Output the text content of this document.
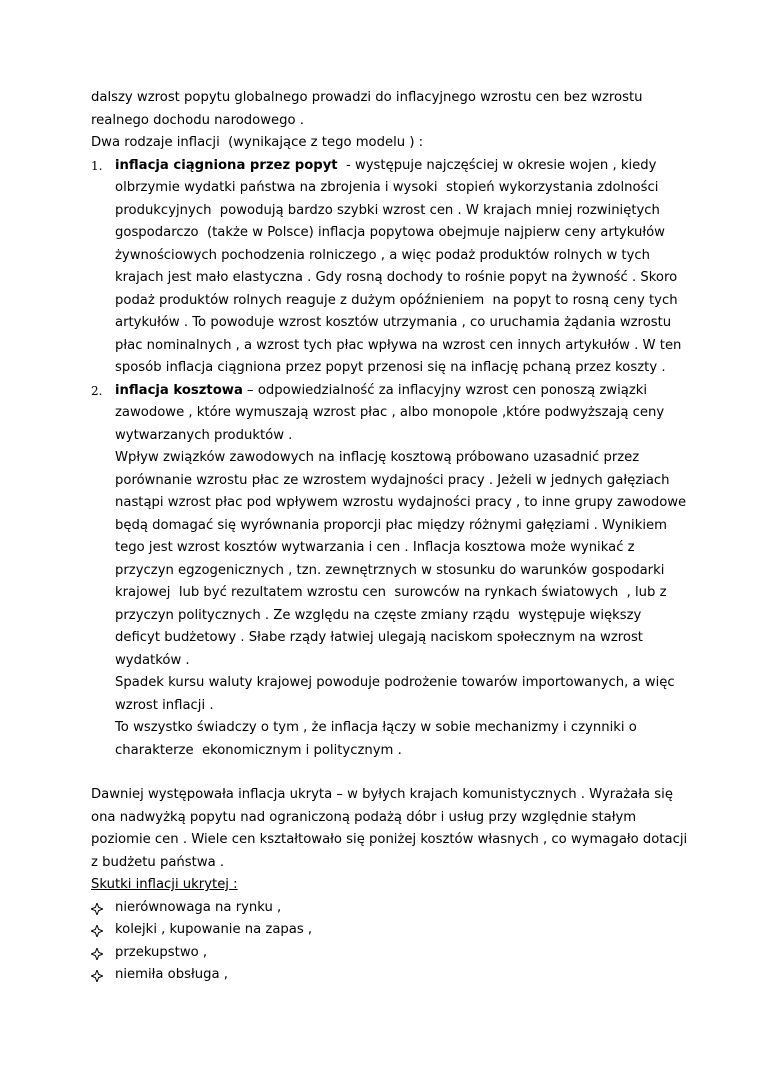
dalszy wzrost popytu globalnego prowadzi do inflacyjnego wzrostu cen bez wzrostu
realnego dochodu narodowego .
Dwa rodzaje inflacji  (wynikające z tego modelu ) :
1. inflacja ciągniona przez popyt  - występuje najczęściej w okresie wojen , kiedy
olbrzymie wydatki państwa na zbrojenia i wysoki  stopień wykorzystania zdolności
produkcyjnych  powodują bardzo szybki wzrost cen . W krajach mniej rozwiniętych
gospodarczo  (także w Polsce) inflacja popytowa obejmuje najpierw ceny artykułów
żywnościowych pochodzenia rolniczego , a więc podaż produktów rolnych w tych
krajach jest mało elastyczna . Gdy rosną dochody to rośnie popyt na żywność . Skoro
podaż produktów rolnych reaguje z dużym opóźnieniem  na popyt to rosną ceny tych
artykułów . To powoduje wzrost kosztów utrzymania , co uruchamia żądania wzrostu
płac nominalnych , a wzrost tych płac wpływa na wzrost cen innych artykułów . W ten
sposób inflacja ciągniona przez popyt przenosi się na inflację pchaną przez koszty .
2. inflacja kosztowa – odpowiedzialność za inflacyjny wzrost cen ponoszą związki
zawodowe , które wymuszają wzrost płac , albo monopole ,które podwyższają ceny
wytwarzanych produktów .
Wpływ związków zawodowych na inflację kosztową próbowano uzasadnić przez
porównanie wzrostu płac ze wzrostem wydajności pracy . Jeżeli w jednych gałęziach
nastąpi wzrost płac pod wpływem wzrostu wydajności pracy , to inne grupy zawodowe
będą domagać się wyrównania proporcji płac między różnymi gałęziami . Wynikiem
tego jest wzrost kosztów wytwarzania i cen . Inflacja kosztowa może wynikać z
przyczyn egzogenicznych , tzn. zewnętrznych w stosunku do warunków gospodarki
krajowej  lub być rezultatem wzrostu cen  surowców na rynkach światowych  , lub z
przyczyn politycznych . Ze względu na częste zmiany rządu  występuje większy
deficyt budżetowy . Słabe rządy łatwiej ulegają naciskom społecznym na wzrost
wydatków .
Spadek kursu waluty krajowej powoduje podrożenie towarów importowanych, a więc
wzrost inflacji .
To wszystko świadczy o tym , że inflacja łączy w sobie mechanizmy i czynniki o
charakterze  ekonomicznym i politycznym .
Dawniej występowała inflacja ukryta – w byłych krajach komunistycznych . Wyrażała się
ona nadwyżką popytu nad ograniczoną podażą dóbr i usług przy względnie stałym
poziomie cen . Wiele cen kształtowało się poniżej kosztów własnych , co wymagało dotacji
z budżetu państwa .
Skutki inflacji ukrytej :
nierównowaga na rynku ,
kolejki , kupowanie na zapas ,
przekupstwo ,
niemiła obsługa ,
